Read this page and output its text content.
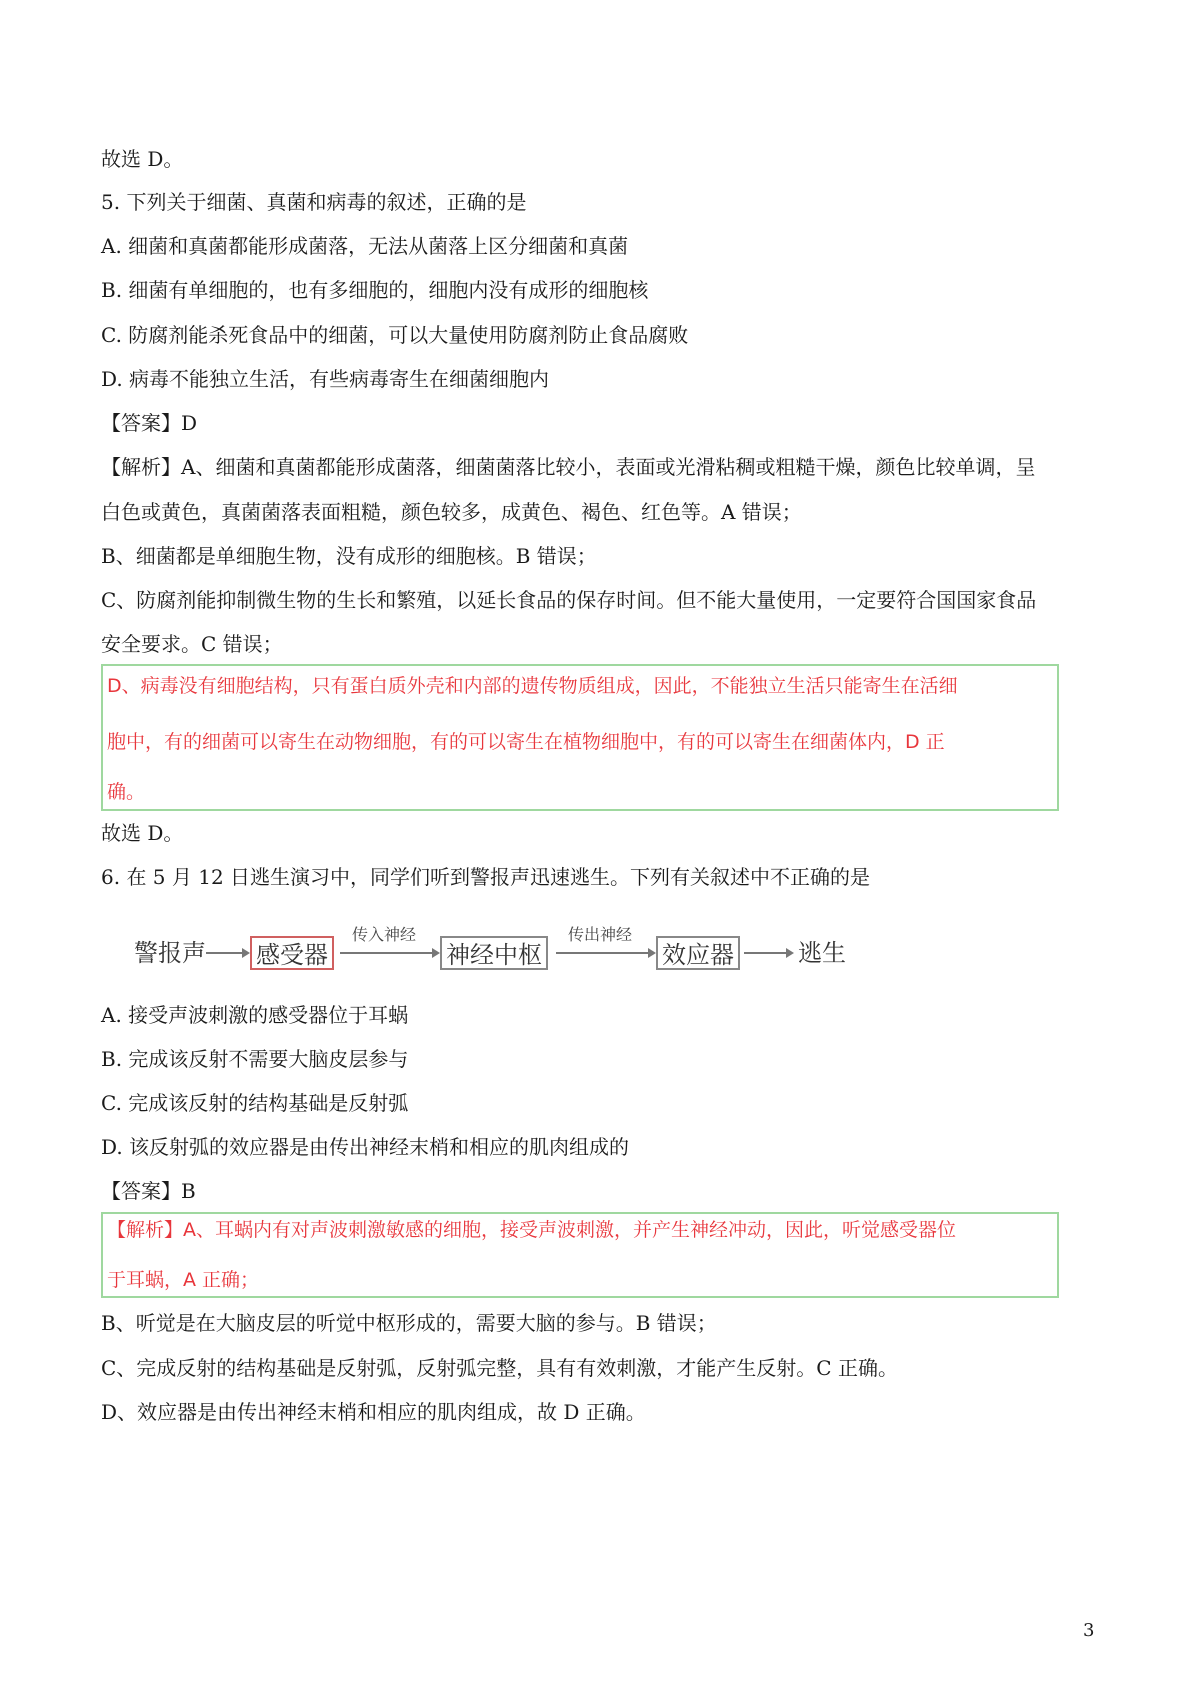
故选 D。
5. 下列关于细菌、真菌和病毒的叙述，正确的是
A. 细菌和真菌都能形成菌落，无法从菌落上区分细菌和真菌
B. 细菌有单细胞的，也有多细胞的，细胞内没有成形的细胞核
C. 防腐剂能杀死食品中的细菌，可以大量使用防腐剂防止食品腐败
D. 病毒不能独立生活，有些病毒寄生在细菌细胞内
【答案】D
【解析】A、细菌和真菌都能形成菌落，细菌菌落比较小，表面或光滑粘稠或粗糙干燥，颜色比较单调，呈
白色或黄色，真菌菌落表面粗糙，颜色较多，成黄色、褐色、红色等。A 错误；
B、细菌都是单细胞生物，没有成形的细胞核。B 错误；
C、防腐剂能抑制微生物的生长和繁殖，以延长食品的保存时间。但不能大量使用，一定要符合国国家食品
安全要求。C 错误；
D、病毒没有细胞结构，只有蛋白质外壳和内部的遗传物质组成，因此，不能独立生活只能寄生在活细
胞中，有的细菌可以寄生在动物细胞，有的可以寄生在植物细胞中，有的可以寄生在细菌体内，D 正
确。
故选 D。
6. 在 5 月 12 日逃生演习中，同学们听到警报声迅速逃生。下列有关叙述中不正确的是
警报声 感受器
传入神经
神经中枢
传出神经
效应器	逃生
A. 接受声波刺激的感受器位于耳蜗
B. 完成该反射不需要大脑皮层参与
C. 完成该反射的结构基础是反射弧
D. 该反射弧的效应器是由传出神经末梢和相应的肌肉组成的
【答案】B
【解析】A、耳蜗内有对声波刺激敏感的细胞，接受声波刺激，并产生神经冲动，因此，听觉感受器位
于耳蜗，A 正确；
B、听觉是在大脑皮层的听觉中枢形成的，需要大脑的参与。B 错误；
C、完成反射的结构基础是反射弧，反射弧完整，具有有效刺激，才能产生反射。C 正确。
D、效应器是由传出神经末梢和相应的肌肉组成，故 D 正确。
3
